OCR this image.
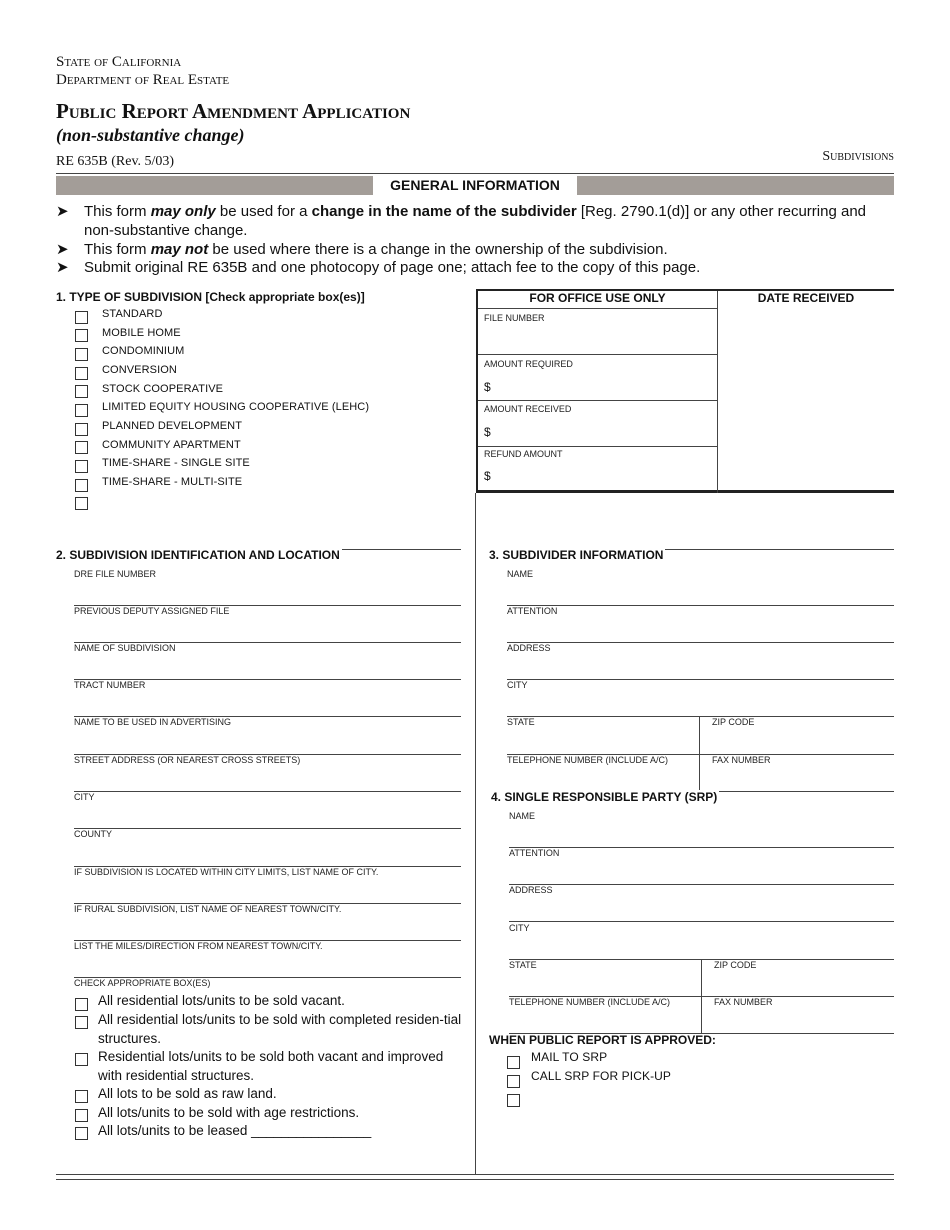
State of California
Department of Real Estate
Public Report Amendment Application
(non-substantive change)
RE 635B (Rev. 5/03)	Subdivisions
GENERAL INFORMATION
➤ This form may only be used for a change in the name of the subdivider [Reg. 2790.1(d)] or any other recurring and non-substantive change.
➤ This form may not be used where there is a change in the ownership of the subdivision.
➤ Submit original RE 635B and one photocopy of page one; attach fee to the copy of this page.
1. TYPE OF SUBDIVISION [Check appropriate box(es)]
STANDARD
MOBILE HOME
CONDOMINIUM
CONVERSION
STOCK COOPERATIVE
LIMITED EQUITY HOUSING COOPERATIVE (LEHC)
PLANNED DEVELOPMENT
COMMUNITY APARTMENT
TIME-SHARE - SINGLE SITE
TIME-SHARE - MULTI-SITE
FOR OFFICE USE ONLY	DATE RECEIVED
FILE NUMBER
AMOUNT REQUIRED
$
AMOUNT RECEIVED
$
REFUND AMOUNT
$
2. SUBDIVISION IDENTIFICATION AND LOCATION
DRE FILE NUMBER
PREVIOUS DEPUTY ASSIGNED FILE
NAME OF SUBDIVISION
TRACT NUMBER
NAME TO BE USED IN ADVERTISING
STREET ADDRESS (OR NEAREST CROSS STREETS)
CITY
COUNTY
IF SUBDIVISION IS LOCATED WITHIN CITY LIMITS, LIST NAME OF CITY.
IF RURAL SUBDIVISION, LIST NAME OF NEAREST TOWN/CITY.
LIST THE MILES/DIRECTION FROM NEAREST TOWN/CITY.
CHECK APPROPRIATE BOX(ES)
All residential lots/units to be sold vacant.
All residential lots/units to be sold with completed residen-tial structures.
Residential lots/units to be sold both vacant and improved with residential structures.
All lots to be sold as raw land.
All lots/units to be sold with age restrictions.
All lots/units to be leased ________________
3. SUBDIVIDER INFORMATION
NAME
ATTENTION
ADDRESS
CITY
STATE	ZIP CODE
TELEPHONE NUMBER (INCLUDE A/C)	FAX NUMBER
4. SINGLE RESPONSIBLE PARTY (SRP)
NAME
ATTENTION
ADDRESS
CITY
STATE	ZIP CODE
TELEPHONE NUMBER (INCLUDE A/C)	FAX NUMBER
WHEN PUBLIC REPORT IS APPROVED:
MAIL TO SRP
CALL SRP FOR PICK-UP
